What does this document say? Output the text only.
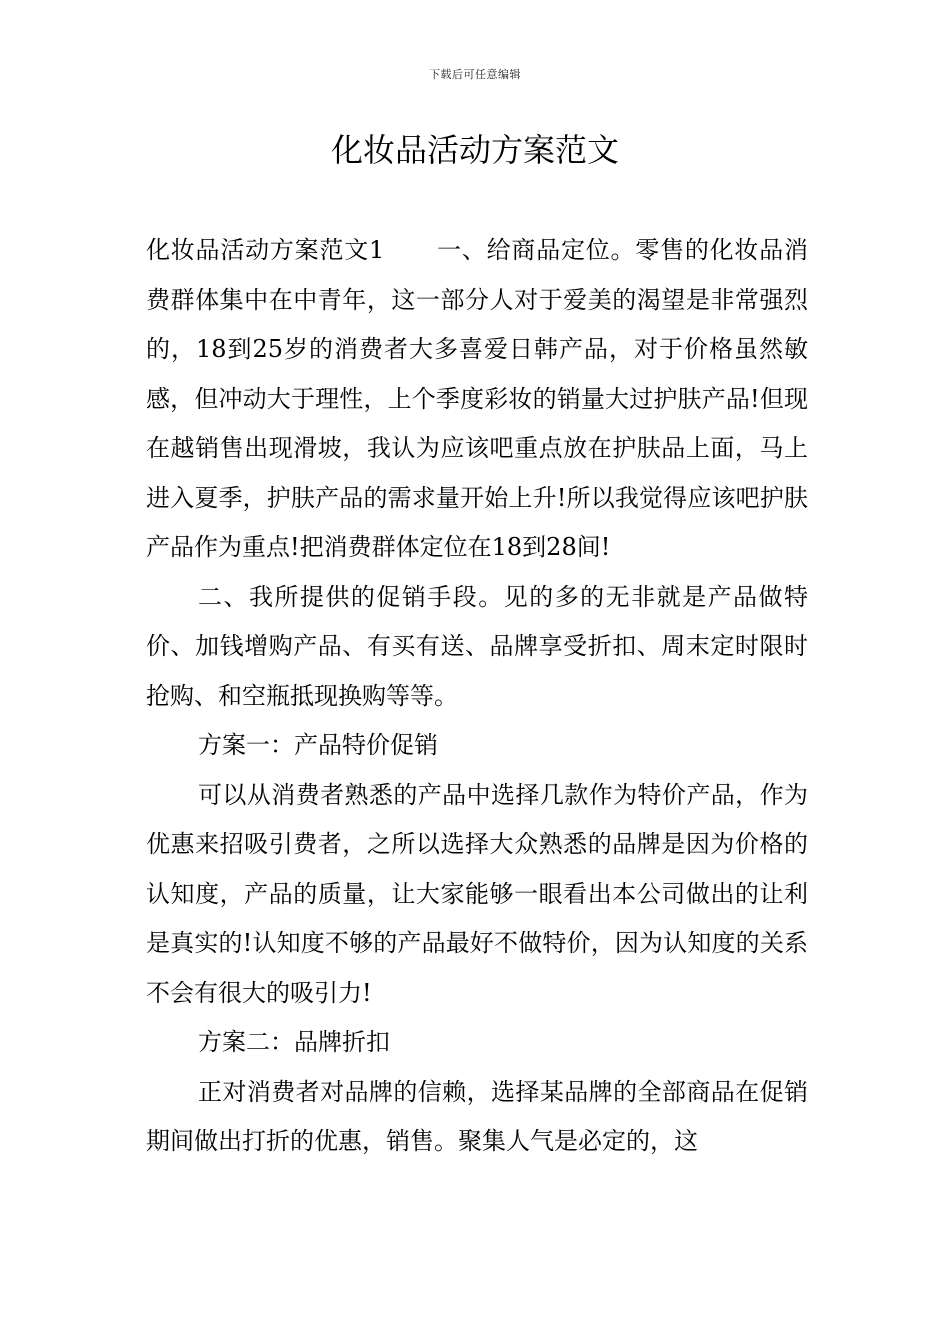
下载后可任意编辑
化妆品活动方案范文

化妆品活动方案范文1 一、给商品定位。零售的化妆品消费群体集中在中青年，这一部分人对于爱美的渴望是非常强烈的，18到25岁的消费者大多喜爱日韩产品，对于价格虽然敏感，但冲动大于理性，上个季度彩妆的销量大过护肤产品!但现在越销售出现滑坡，我认为应该吧重点放在护肤品上面，马上进入夏季，护肤产品的需求量开始上升!所以我觉得应该吧护肤产品作为重点!把消费群体定位在18到28间!

二、我所提供的促销手段。见的多的无非就是产品做特价、加钱增购产品、有买有送、品牌享受折扣、周末定时限时抢购、和空瓶抵现换购等等。

方案一：产品特价促销

可以从消费者熟悉的产品中选择几款作为特价产品，作为优惠来招吸引费者，之所以选择大众熟悉的品牌是因为价格的认知度，产品的质量，让大家能够一眼看出本公司做出的让利是真实的!认知度不够的产品最好不做特价，因为认知度的关系不会有很大的吸引力!

方案二：品牌折扣

正对消费者对品牌的信赖，选择某品牌的全部商品在促销期间做出打折的优惠，销售。聚集人气是必定的，这
